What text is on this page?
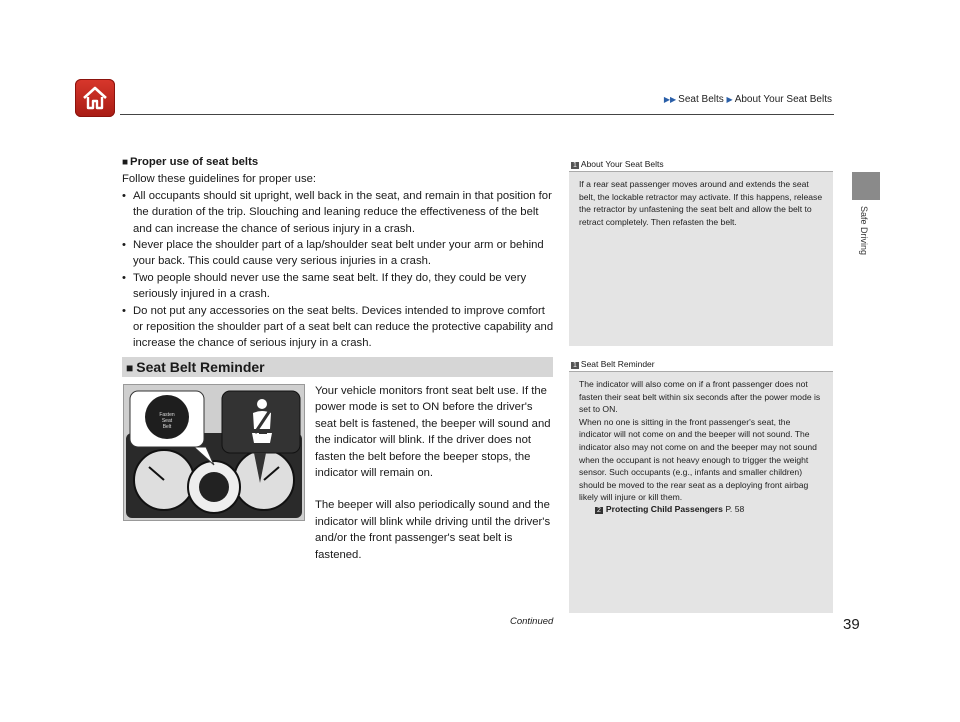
▶▶ Seat Belts ▶ About Your Seat Belts
Safe Driving
■ Proper use of seat belts

Follow these guidelines for proper use:

• All occupants should sit upright, well back in the seat, and remain in that position for the duration of the trip. Slouching and leaning reduce the effectiveness of the belt and can increase the chance of serious injury in a crash.
• Never place the shoulder part of a lap/shoulder seat belt under your arm or behind your back. This could cause very serious injuries in a crash.
• Two people should never use the same seat belt. If they do, they could be very seriously injured in a crash.
• Do not put any accessories on the seat belts. Devices intended to improve comfort or reposition the shoulder part of a seat belt can reduce the protective capability and increase the chance of serious injury in a crash.
■ Seat Belt Reminder
Fasten Seat Belt

Your vehicle monitors front seat belt use. If the power mode is set to ON before the driver's seat belt is fastened, the beeper will sound and the indicator will blink. If the driver does not fasten the belt before the beeper stops, the indicator will remain on.

The beeper will also periodically sound and the indicator will blink while driving until the driver's and/or the front passenger's seat belt is fastened.

1 About Your Seat Belts

If a rear seat passenger moves around and extends the seat belt, the lockable retractor may activate. If this happens, release the retractor by unfastening the seat belt and allow the belt to retract completely. Then refasten the belt.

1 Seat Belt Reminder

The indicator will also come on if a front passenger does not fasten their seat belt within six seconds after the power mode is set to ON.

When no one is sitting in the front passenger's seat, the indicator will not come on and the beeper will not sound. The indicator also may not come on and the beeper may not sound when the occupant is not heavy enough to trigger the weight sensor. Such occupants (e.g., infants and smaller children) should be moved to the rear seat as a deploying front airbag likely will injure or kill them.

2 Protecting Child Passengers P. 58
Continued	39
